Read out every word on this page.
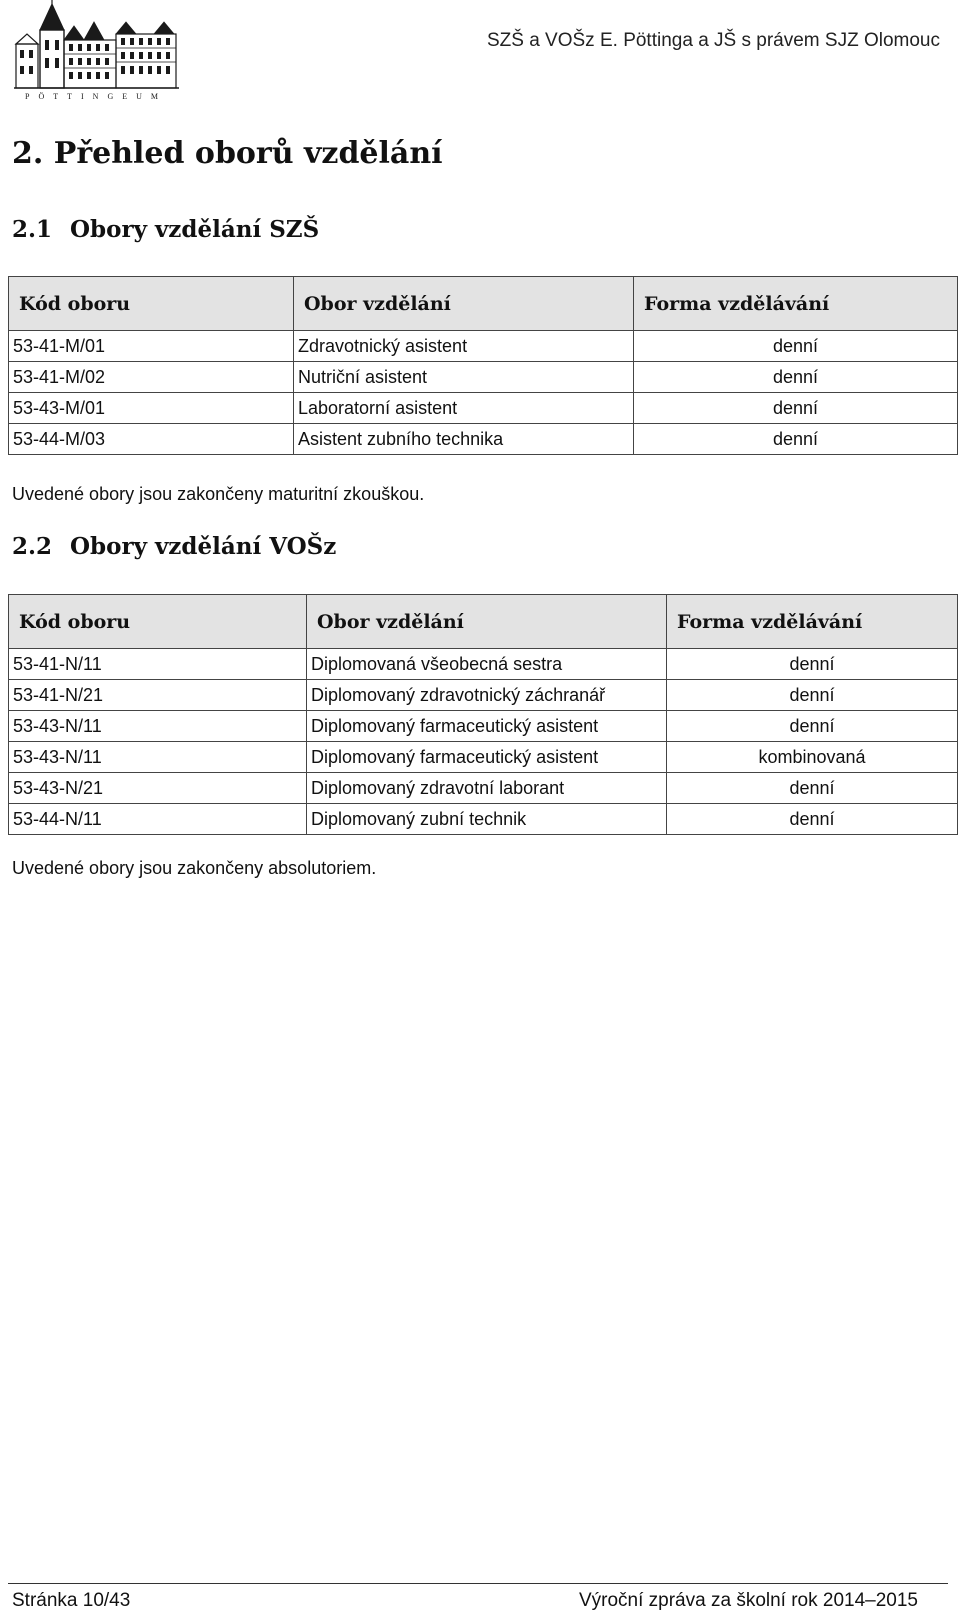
PÖTTINGEUM
SZŠ a VOŠz E. Pöttinga a JŠ s právem SJZ Olomouc
2. Přehled oborů vzdělání
2.1 Obory vzdělání SZŠ
Kód oboru	Obor vzdělání	Forma vzdělávání
53-41-M/01	Zdravotnický asistent	denní
53-41-M/02	Nutriční asistent	denní
53-43-M/01	Laboratorní asistent	denní
53-44-M/03	Asistent zubního technika	denní
Uvedené obory jsou zakončeny maturitní zkouškou.
2.2 Obory vzdělání VOŠz
Kód oboru	Obor vzdělání	Forma vzdělávání
53-41-N/11	Diplomovaná všeobecná sestra	denní
53-41-N/21	Diplomovaný zdravotnický záchranář	denní
53-43-N/11	Diplomovaný farmaceutický asistent	denní
53-43-N/11	Diplomovaný farmaceutický asistent	kombinovaná
53-43-N/21	Diplomovaný zdravotní laborant	denní
53-44-N/11	Diplomovaný zubní technik	denní
Uvedené obory jsou zakončeny absolutoriem.
Stránka 10/43	Výroční zpráva za školní rok 2014–2015
